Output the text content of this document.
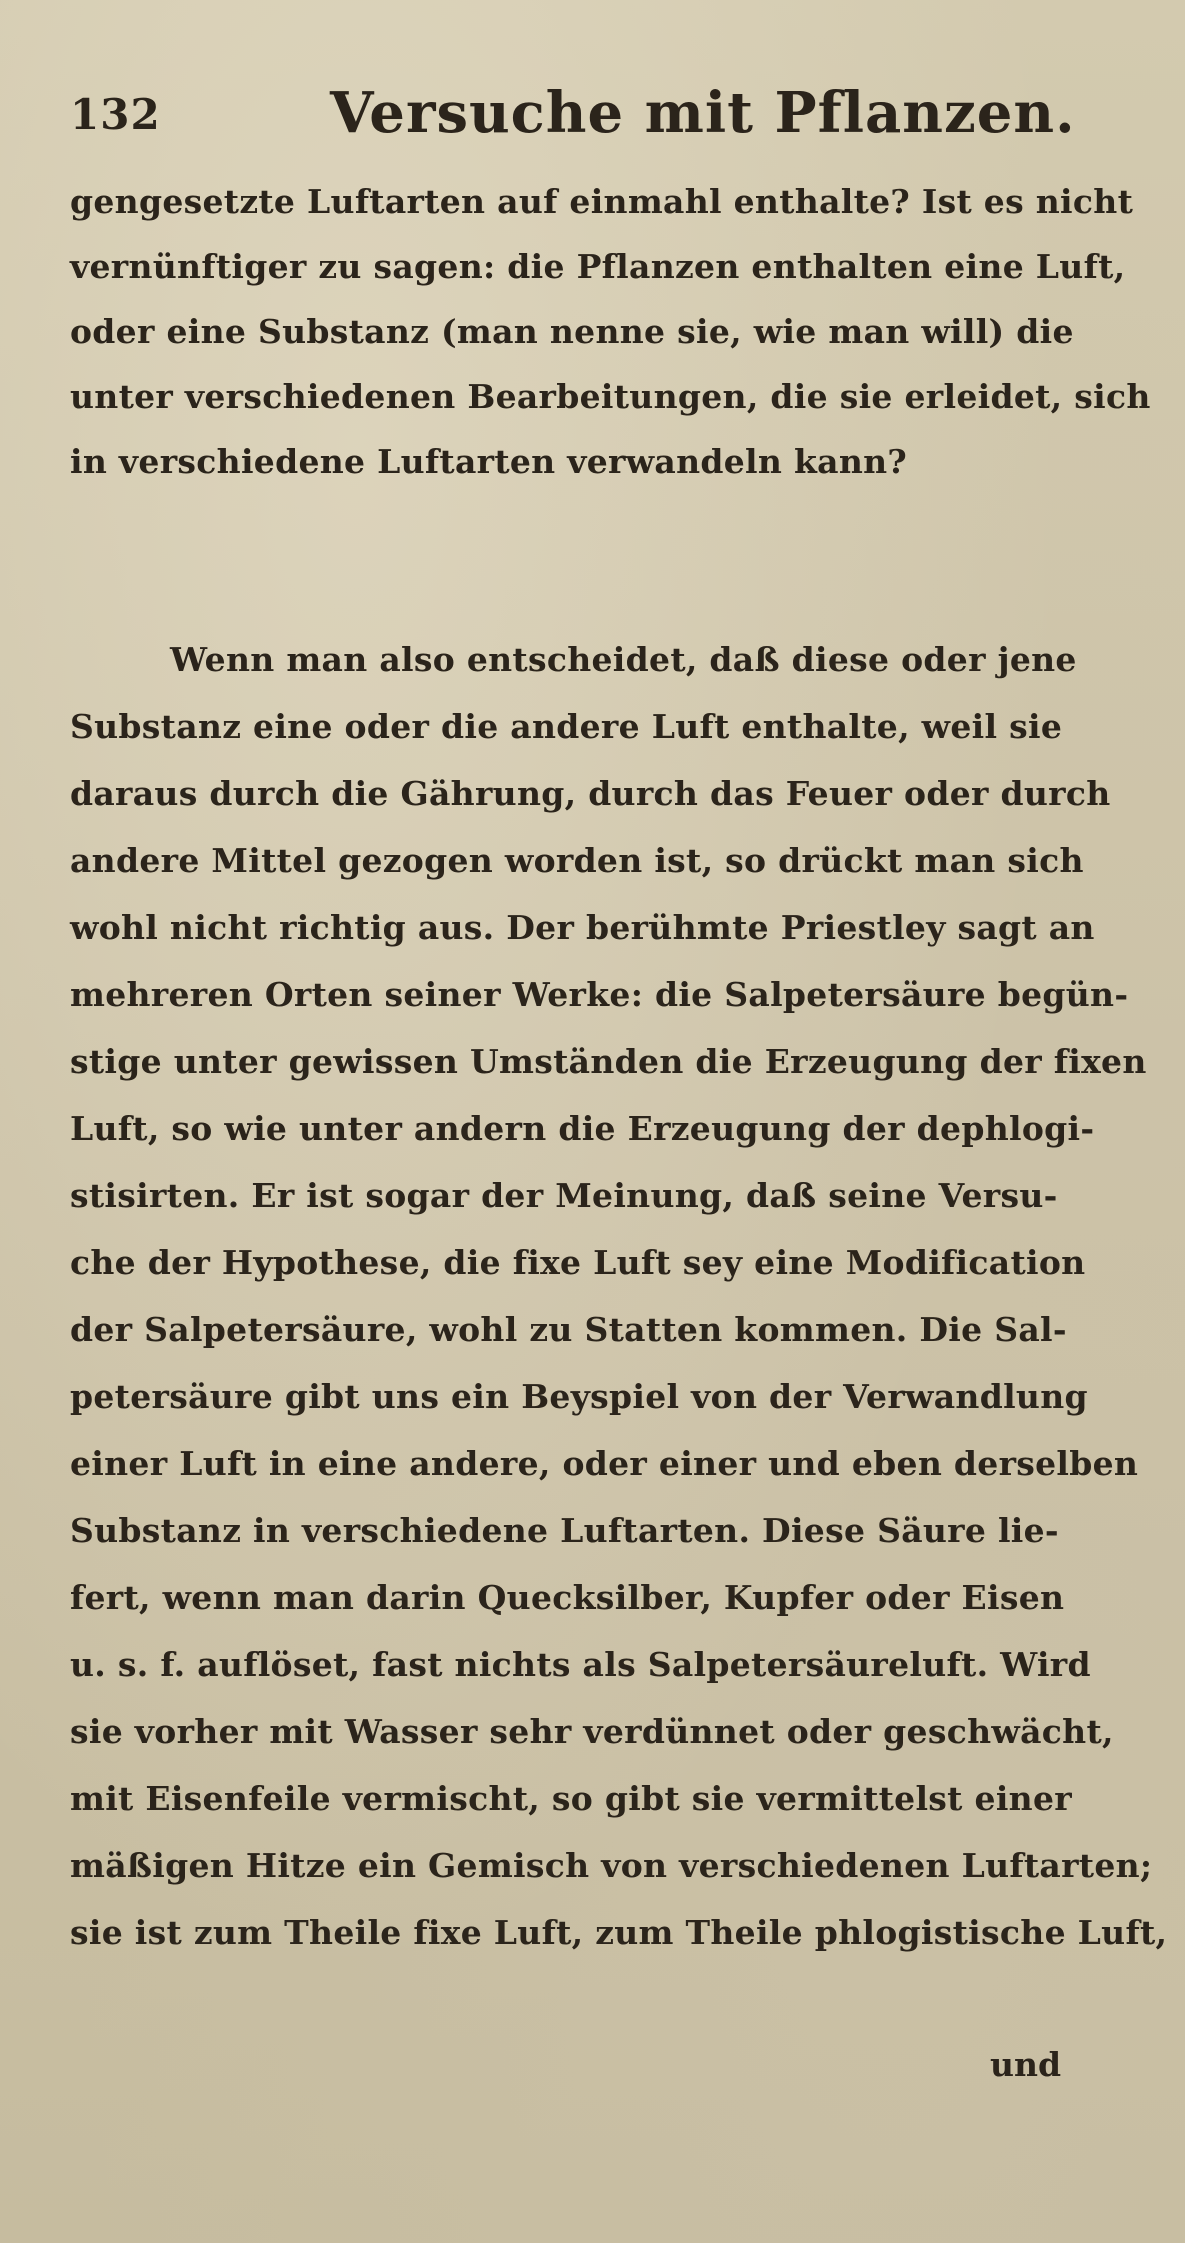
132	Versuche mit Pflanzen.
gengesetzte Luftarten auf einmahl enthalte? Ist es nicht
vernünftiger zu sagen: die Pflanzen enthalten eine Luft,
oder eine Substanz (man nenne sie, wie man will) die
unter verschiedenen Bearbeitungen, die sie erleidet, sich
in verschiedene Luftarten verwandeln kann?
Wenn man also entscheidet, daß diese oder jene
Substanz eine oder die andere Luft enthalte, weil sie
daraus durch die Gährung, durch das Feuer oder durch
andere Mittel gezogen worden ist, so drückt man sich
wohl nicht richtig aus. Der berühmte Priestley sagt an
mehreren Orten seiner Werke: die Salpetersäure begün-
stige unter gewissen Umständen die Erzeugung der fixen
Luft, so wie unter andern die Erzeugung der dephlogi-
stisirten. Er ist sogar der Meinung, daß seine Versu-
che der Hypothese, die fixe Luft sey eine Modification
der Salpetersäure, wohl zu Statten kommen. Die Sal-
petersäure gibt uns ein Beyspiel von der Verwandlung
einer Luft in eine andere, oder einer und eben derselben
Substanz in verschiedene Luftarten. Diese Säure lie-
fert, wenn man darin Quecksilber, Kupfer oder Eisen
u. s. f. auflöset, fast nichts als Salpetersäureluft. Wird
sie vorher mit Wasser sehr verdünnet oder geschwächt,
mit Eisenfeile vermischt, so gibt sie vermittelst einer
mäßigen Hitze ein Gemisch von verschiedenen Luftarten;
sie ist zum Theile fixe Luft, zum Theile phlogistische Luft,
und
